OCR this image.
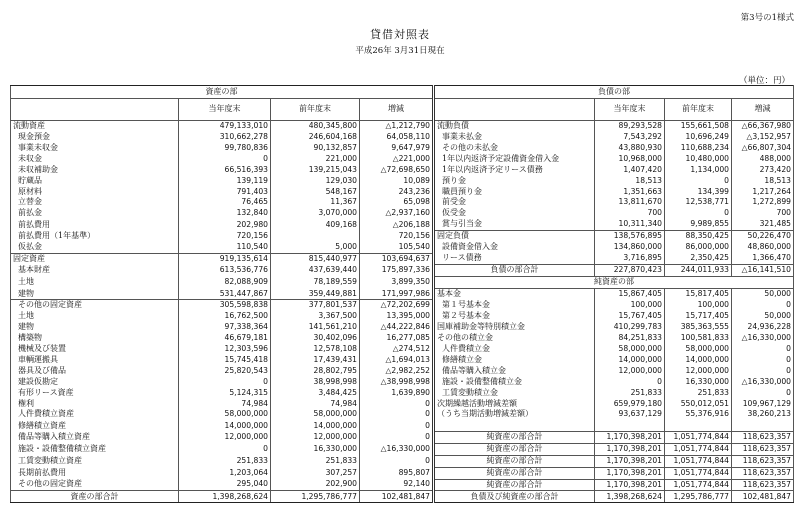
第3号の1様式
貸借対照表
平成26年 3月31日現在
（単位：円）
資産の部				負債の部			
	当年度末	前年度末	増減		当年度末	前年度末	増減
流動資産	479,133,010	480,345,800	△1,212,790	流動負債	89,293,528	155,661,508	△66,367,980
現金預金	310,662,278	246,604,168	64,058,110	事業未払金	7,543,292	10,696,249	△3,152,957
事業未収金	99,780,836	90,132,857	9,647,979	その他の未払金	43,880,930	110,688,234	△66,807,304
未収金	0	221,000	△221,000	1年以内返済予定設備資金借入金	10,968,000	10,480,000	488,000
未収補助金	66,516,393	139,215,043	△72,698,650	1年以内返済予定リース債務	1,407,420	1,134,000	273,420
貯蔵品	139,119	129,030	10,089	預り金	18,513	0	18,513
原材料	791,403	548,167	243,236	職員預り金	1,351,663	134,399	1,217,264
立替金	76,465	11,367	65,098	前受金	13,811,670	12,538,771	1,272,899
前払金	132,840	3,070,000	△2,937,160	仮受金	700	0	700
前払費用	202,980	409,168	△206,188	賞与引当金	10,311,340	9,989,855	321,485
前払費用（1年基準）	720,156		720,156	固定負債	138,576,895	88,350,425	50,226,470
仮払金	110,540	5,000	105,540	設備資金借入金	134,860,000	86,000,000	48,860,000
固定資産	919,135,614	815,440,977	103,694,637	リース債務	3,716,895	2,350,425	1,366,470
基本財産	613,536,776	437,639,440	175,897,336	負債の部合計	227,870,423	244,011,933	△16,141,510
土地	82,088,909	78,189,559	3,899,350	純資産の部			
建物	531,447,867	359,449,881	171,997,986	基本金	15,867,405	15,817,405	50,000
その他の固定資産	305,598,838	377,801,537	△72,202,699	第１号基本金	100,000	100,000	0
土地	16,762,500	3,367,500	13,395,000	第２号基本金	15,767,405	15,717,405	50,000
建物	97,338,364	141,561,210	△44,222,846	国庫補助金等特別積立金	410,299,783	385,363,555	24,936,228
構築物	46,679,181	30,402,096	16,277,085	その他の積立金	84,251,833	100,581,833	△16,330,000
機械及び装置	12,303,596	12,578,108	△274,512	人件費積立金	58,000,000	58,000,000	0
車輌運搬具	15,745,418	17,439,431	△1,694,013	修繕積立金	14,000,000	14,000,000	0
器具及び備品	25,820,543	28,802,795	△2,982,252	備品等購入積立金	12,000,000	12,000,000	0
建設仮勘定	0	38,998,998	△38,998,998	施設・設備整備積立金	0	16,330,000	△16,330,000
有形リース資産	5,124,315	3,484,425	1,639,890	工賃変動積立金	251,833	251,833	0
権利	74,984	74,984	0	次期繰越活動増減差額	659,979,180	550,012,051	109,967,129
人件費積立資産	58,000,000	58,000,000	0	（うち当期活動増減差額）	93,637,129	55,376,916	38,260,213
修繕積立資産	14,000,000	14,000,000	0				
備品等購入積立資産	12,000,000	12,000,000	0	純資産の部合計	1,170,398,201	1,051,774,844	118,623,357
施設・設備整備積立資産	0	16,330,000	△16,330,000	純資産の部合計	1,170,398,201	1,051,774,844	118,623,357
工賃変動積立資産	251,833	251,833	0	純資産の部合計	1,170,398,201	1,051,774,844	118,623,357
長期前払費用	1,203,064	307,257	895,807	純資産の部合計	1,170,398,201	1,051,774,844	118,623,357
その他の固定資産	295,040	202,900	92,140	純資産の部合計	1,170,398,201	1,051,774,844	118,623,357
資産の部合計	1,398,268,624	1,295,786,777	102,481,847	負債及び純資産の部合計	1,398,268,624	1,295,786,777	102,481,847
